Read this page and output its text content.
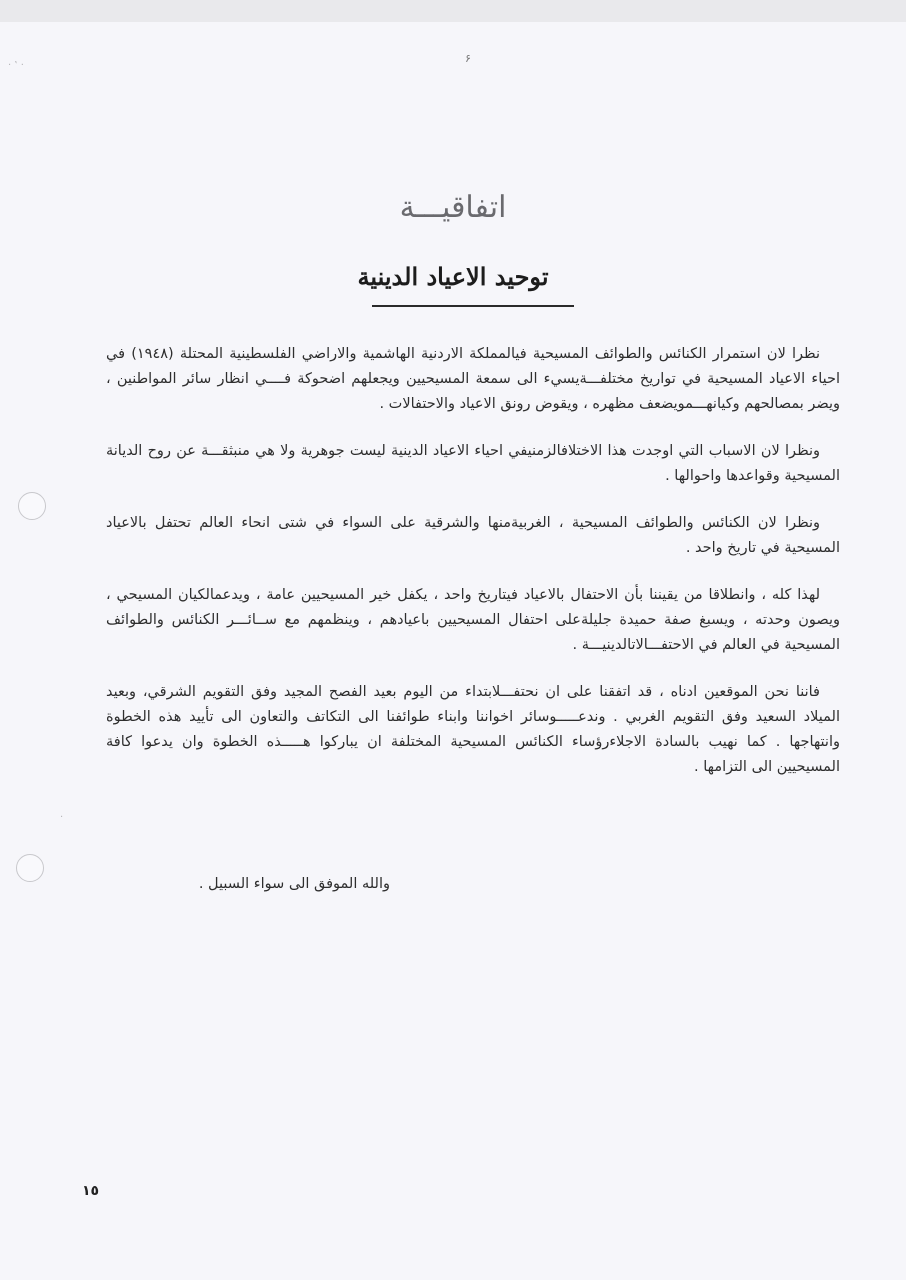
· ‛ ·
·
۶
اتفاقيـــة
توحيد الاعياد الدينية

نظرا لان استمرار الكنائس والطوائف المسيحية فيالمملكة الاردنية الهاشمية والاراضي الفلسطينية المحتلة (١٩٤٨) في احياء الاعياد المسيحية في تواريخ مختلفـــةيسيء الى سمعة المسيحيين ويجعلهم اضحوكة فــــي انظار سائر المواطنين ، ويضر بمصالحهم وكيانهـــمويضعف مظهره ، ويقوض رونق الاعياد والاحتفالات .

ونظرا لان الاسباب التي اوجدت هذا الاختلافالزمنيفي احياء الاعياد الدينية ليست جوهرية ولا هي منبثقـــة عن روح الديانة المسيحية وقواعدها واحوالها .

ونظرا لان الكنائس والطوائف المسيحية ، الغربيةمنها والشرقية على السواء في شتى انحاء العالم تحتفل بالاعياد المسيحية في تاريخ واحد .

لهذا كله ، وانطلاقا من يقيننا بأن الاحتفال بالاعياد فيتاريخ واحد ، يكفل خير المسيحيين عامة ، ويدعمالكيان المسيحي ، ويصون وحدته ، ويسبغ صفة حميدة جليلةعلى احتفال المسيحيين باعيادهم ، وينظمهم مع ســائـــر الكنائس والطوائف المسيحية في العالم في الاحتفـــالاتالدينيـــة .

فاننا نحن الموقعين ادناه ، قد اتفقنا على ان نحتفـــلابتداء من اليوم بعيد الفصح المجيد وفق التقويم الشرقي، وبعيد الميلاد السعيد وفق التقويم الغربي . وندعـــــوسائر اخواننا وابناء طوائفنا الى التكاتف والتعاون الى تأييد هذه الخطوة وانتهاجها . كما نهيب بالسادة الاجلاءرؤساء الكنائس المسيحية المختلفة ان يباركوا هـــــذه الخطوة وان يدعوا كافة المسيحيين الى التزامها .

والله الموفق الى سواء السبيل .
١٥
